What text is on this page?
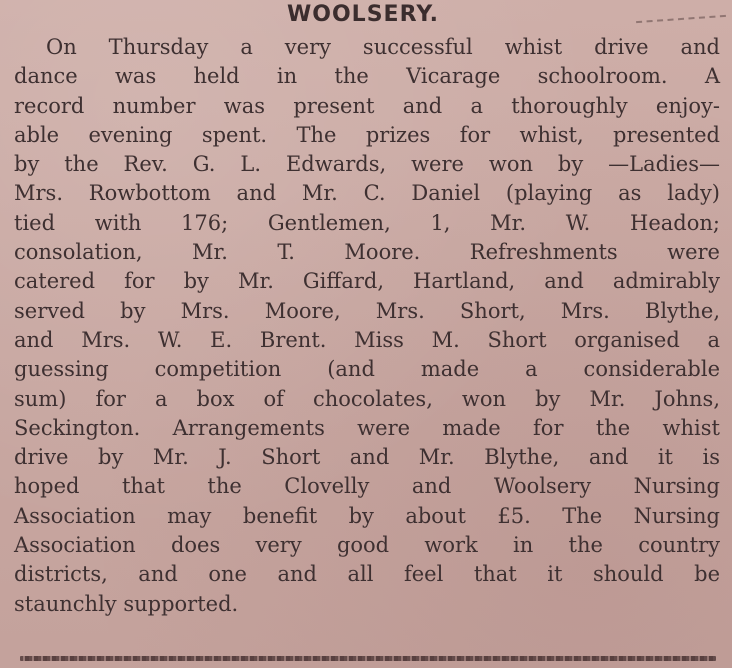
WOOLSERY.
On Thursday a very successful whist drive and
dance was held in the Vicarage schoolroom. A
record number was present and a thoroughly enjoy-
able evening spent. The prizes for whist, presented
by the Rev. G. L. Edwards, were won by —Ladies—
Mrs. Rowbottom and Mr. C. Daniel (playing as lady)
tied with 176; Gentlemen, 1, Mr. W. Headon;
consolation, Mr. T. Moore. Refreshments were
catered for by Mr. Giffard, Hartland, and admirably
served by Mrs. Moore, Mrs. Short, Mrs. Blythe,
and Mrs. W. E. Brent. Miss M. Short organised a
guessing competition (and made a considerable
sum) for a box of chocolates, won by Mr. Johns,
Seckington. Arrangements were made for the whist
drive by Mr. J. Short and Mr. Blythe, and it is
hoped that the Clovelly and Woolsery Nursing
Association may benefit by about £5. The Nursing
Association does very good work in the country
districts, and one and all feel that it should be
staunchly supported.
